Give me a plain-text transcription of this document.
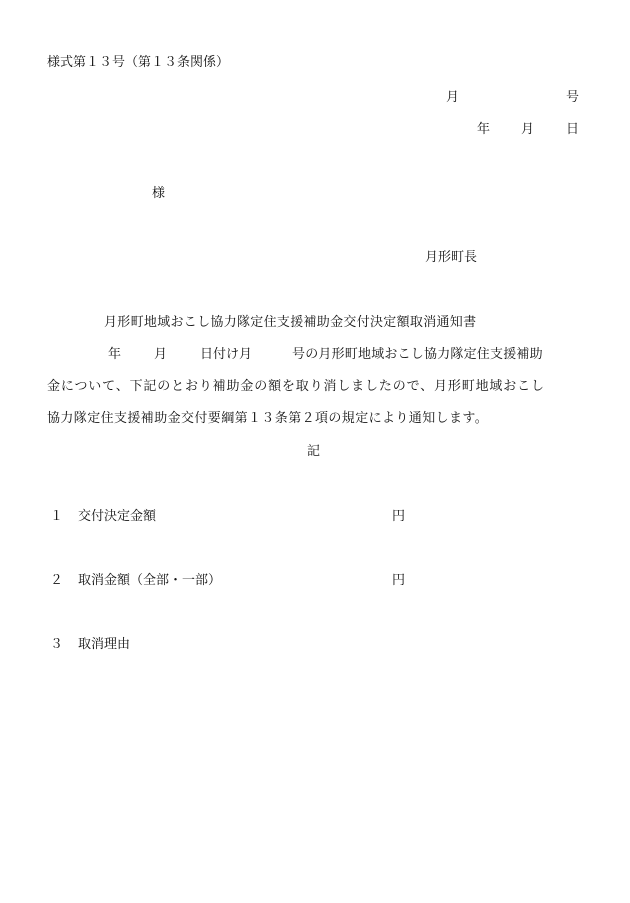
様式第１３号（第１３条関係）
月	号
年 月 日
様
月形町長
月形町地域おこし協力隊定住支援補助金交付決定額取消通知書
年	月	日付け月	号の月形町地域おこし協力隊定住支援補助
金について、下記のとおり補助金の額を取り消しましたので、月形町地域おこし
協力隊定住支援補助金交付要綱第１３条第２項の規定により通知します。
記
１ 交付決定金額	円
２ 取消金額（全部・一部）	円
３ 取消理由
